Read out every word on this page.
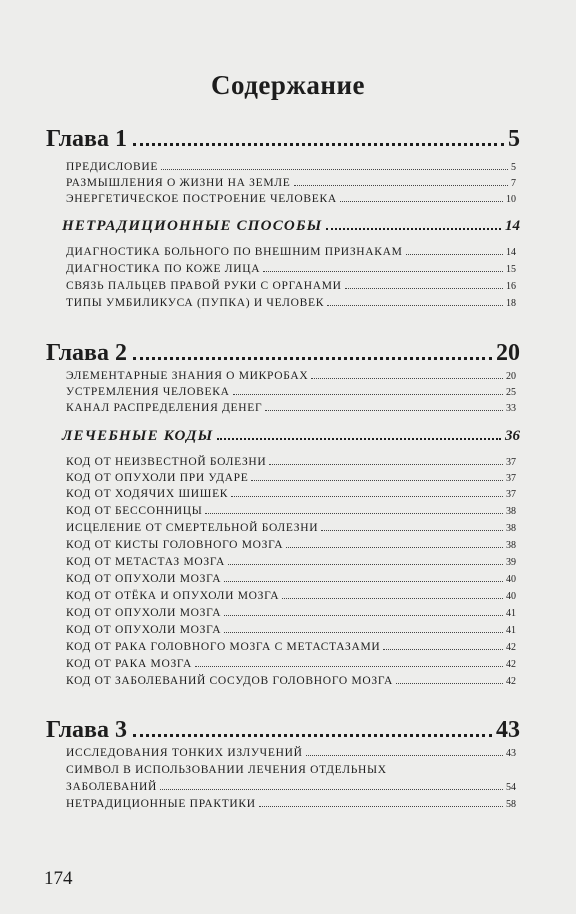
Содержание
Глава 1	5
ПРЕДИСЛОВИЕ	5
РАЗМЫШЛЕНИЯ О ЖИЗНИ НА ЗЕМЛЕ	7
ЭНЕРГЕТИЧЕСКОЕ ПОСТРОЕНИЕ ЧЕЛОВЕКА	10
НЕТРАДИЦИОННЫЕ СПОСОБЫ	14
ДИАГНОСТИКА БОЛЬНОГО ПО ВНЕШНИМ ПРИЗНАКАМ	14
ДИАГНОСТИКА ПО КОЖЕ ЛИЦА	15
СВЯЗЬ ПАЛЬЦЕВ ПРАВОЙ РУКИ С ОРГАНАМИ	16
ТИПЫ УМБИЛИКУСА (ПУПКА) И ЧЕЛОВЕК	18
Глава 2	20
ЭЛЕМЕНТАРНЫЕ ЗНАНИЯ О МИКРОБАХ	20
УСТРЕМЛЕНИЯ ЧЕЛОВЕКА	25
КАНАЛ РАСПРЕДЕЛЕНИЯ ДЕНЕГ	33
ЛЕЧЕБНЫЕ КОДЫ	36
КОД ОТ НЕИЗВЕСТНОЙ БОЛЕЗНИ	37
КОД ОТ ОПУХОЛИ ПРИ УДАРЕ	37
КОД ОТ ХОДЯЧИХ ШИШЕК	37
КОД ОТ БЕССОННИЦЫ	38
ИСЦЕЛЕНИЕ ОТ СМЕРТЕЛЬНОЙ БОЛЕЗНИ	38
КОД ОТ КИСТЫ ГОЛОВНОГО МОЗГА	38
КОД ОТ МЕТАСТАЗ МОЗГА	39
КОД ОТ ОПУХОЛИ МОЗГА	40
КОД ОТ ОТЁКА И ОПУХОЛИ МОЗГА	40
КОД ОТ ОПУХОЛИ МОЗГА	41
КОД ОТ ОПУХОЛИ МОЗГА	41
КОД ОТ РАКА ГОЛОВНОГО МОЗГА С МЕТАСТАЗАМИ	42
КОД ОТ РАКА МОЗГА	42
КОД ОТ ЗАБОЛЕВАНИЙ СОСУДОВ ГОЛОВНОГО МОЗГА	42
Глава 3	43
ИССЛЕДОВАНИЯ ТОНКИХ ИЗЛУЧЕНИЙ	43
СИМВОЛ В ИСПОЛЬЗОВАНИИ ЛЕЧЕНИЯ ОТДЕЛЬНЫХ
ЗАБОЛЕВАНИЙ	54
НЕТРАДИЦИОННЫЕ ПРАКТИКИ	58
174
